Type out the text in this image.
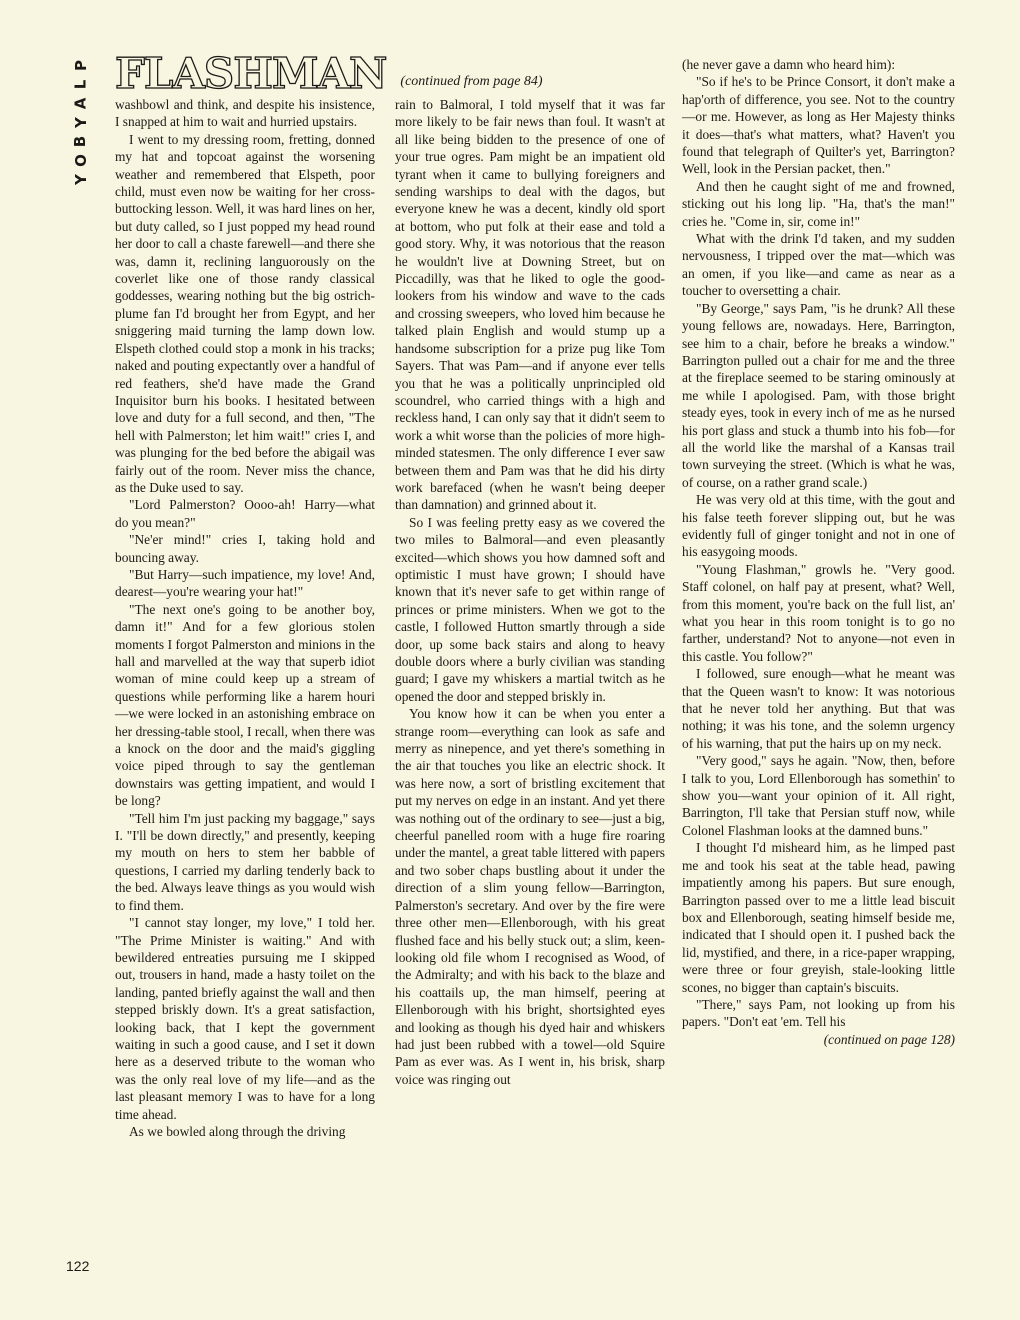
P
L
A
Y
B
O
Y
FLASHMAN (continued from page 84)

washbowl and think, and despite his insistence, I snapped at him to wait and hurried upstairs.

I went to my dressing room, fretting, donned my hat and topcoat against the worsening weather and remembered that Elspeth, poor child, must even now be waiting for her cross-buttocking lesson. Well, it was hard lines on her, but duty called, so I just popped my head round her door to call a chaste farewell—and there she was, damn it, reclining languorously on the coverlet like one of those randy classical goddesses, wearing nothing but the big ostrich-plume fan I'd brought her from Egypt, and her sniggering maid turning the lamp down low. Elspeth clothed could stop a monk in his tracks; naked and pouting expectantly over a handful of red feathers, she'd have made the Grand Inquisitor burn his books. I hesitated between love and duty for a full second, and then, "The hell with Palmerston; let him wait!" cries I, and was plunging for the bed before the abigail was fairly out of the room. Never miss the chance, as the Duke used to say.

"Lord Palmerston? Oooo-ah! Harry—what do you mean?"

"Ne'er mind!" cries I, taking hold and bouncing away.

"But Harry—such impatience, my love! And, dearest—you're wearing your hat!"

"The next one's going to be another boy, damn it!" And for a few glorious stolen moments I forgot Palmerston and minions in the hall and marvelled at the way that superb idiot woman of mine could keep up a stream of questions while performing like a harem houri—we were locked in an astonishing embrace on her dressing-table stool, I recall, when there was a knock on the door and the maid's giggling voice piped through to say the gentleman downstairs was getting impatient, and would I be long?

"Tell him I'm just packing my baggage," says I. "I'll be down directly," and presently, keeping my mouth on hers to stem her babble of questions, I carried my darling tenderly back to the bed. Always leave things as you would wish to find them.

"I cannot stay longer, my love," I told her. "The Prime Minister is waiting." And with bewildered entreaties pursuing me I skipped out, trousers in hand, made a hasty toilet on the landing, panted briefly against the wall and then stepped briskly down. It's a great satisfaction, looking back, that I kept the government waiting in such a good cause, and I set it down here as a deserved tribute to the woman who was the only real love of my life—and as the last pleasant memory I was to have for a long time ahead.

As we bowled along through the driving

rain to Balmoral, I told myself that it was far more likely to be fair news than foul. It wasn't at all like being bidden to the presence of one of your true ogres. Pam might be an impatient old tyrant when it came to bullying foreigners and sending warships to deal with the dagos, but everyone knew he was a decent, kindly old sport at bottom, who put folk at their ease and told a good story. Why, it was notorious that the reason he wouldn't live at Downing Street, but on Piccadilly, was that he liked to ogle the good-lookers from his window and wave to the cads and crossing sweepers, who loved him because he talked plain English and would stump up a handsome subscription for a prize pug like Tom Sayers. That was Pam—and if anyone ever tells you that he was a politically unprincipled old scoundrel, who carried things with a high and reckless hand, I can only say that it didn't seem to work a whit worse than the policies of more high-minded statesmen. The only difference I ever saw between them and Pam was that he did his dirty work barefaced (when he wasn't being deeper than damnation) and grinned about it.

So I was feeling pretty easy as we covered the two miles to Balmoral—and even pleasantly excited—which shows you how damned soft and optimistic I must have grown; I should have known that it's never safe to get within range of princes or prime ministers. When we got to the castle, I followed Hutton smartly through a side door, up some back stairs and along to heavy double doors where a burly civilian was standing guard; I gave my whiskers a martial twitch as he opened the door and stepped briskly in.

You know how it can be when you enter a strange room—everything can look as safe and merry as ninepence, and yet there's something in the air that touches you like an electric shock. It was here now, a sort of bristling excitement that put my nerves on edge in an instant. And yet there was nothing out of the ordinary to see—just a big, cheerful panelled room with a huge fire roaring under the mantel, a great table littered with papers and two sober chaps bustling about it under the direction of a slim young fellow—Barrington, Palmerston's secretary. And over by the fire were three other men—Ellenborough, with his great flushed face and his belly stuck out; a slim, keen-looking old file whom I recognised as Wood, of the Admiralty; and with his back to the blaze and his coattails up, the man himself, peering at Ellenborough with his bright, shortsighted eyes and looking as though his dyed hair and whiskers had just been rubbed with a towel—old Squire Pam as ever was. As I went in, his brisk, sharp voice was ringing out

(he never gave a damn who heard him):

"So if he's to be Prince Consort, it don't make a hap'orth of difference, you see. Not to the country—or me. However, as long as Her Majesty thinks it does—that's what matters, what? Haven't you found that telegraph of Quilter's yet, Barrington? Well, look in the Persian packet, then."

And then he caught sight of me and frowned, sticking out his long lip. "Ha, that's the man!" cries he. "Come in, sir, come in!"

What with the drink I'd taken, and my sudden nervousness, I tripped over the mat—which was an omen, if you like—and came as near as a toucher to oversetting a chair.

"By George," says Pam, "is he drunk? All these young fellows are, nowadays. Here, Barrington, see him to a chair, before he breaks a window." Barrington pulled out a chair for me and the three at the fireplace seemed to be staring ominously at me while I apologised. Pam, with those bright steady eyes, took in every inch of me as he nursed his port glass and stuck a thumb into his fob—for all the world like the marshal of a Kansas trail town surveying the street. (Which is what he was, of course, on a rather grand scale.)

He was very old at this time, with the gout and his false teeth forever slipping out, but he was evidently full of ginger tonight and not in one of his easygoing moods.

"Young Flashman," growls he. "Very good. Staff colonel, on half pay at present, what? Well, from this moment, you're back on the full list, an' what you hear in this room tonight is to go no farther, understand? Not to anyone—not even in this castle. You follow?"

I followed, sure enough—what he meant was that the Queen wasn't to know: It was notorious that he never told her anything. But that was nothing; it was his tone, and the solemn urgency of his warning, that put the hairs up on my neck.

"Very good," says he again. "Now, then, before I talk to you, Lord Ellenborough has somethin' to show you—want your opinion of it. All right, Barrington, I'll take that Persian stuff now, while Colonel Flashman looks at the damned buns."

I thought I'd misheard him, as he limped past me and took his seat at the table head, pawing impatiently among his papers. But sure enough, Barrington passed over to me a little lead biscuit box and Ellenborough, seating himself beside me, indicated that I should open it. I pushed back the lid, mystified, and there, in a rice-paper wrapping, were three or four greyish, stale-looking little scones, no bigger than captain's biscuits.

"There," says Pam, not looking up from his papers. "Don't eat 'em. Tell his

(continued on page 128)

122
